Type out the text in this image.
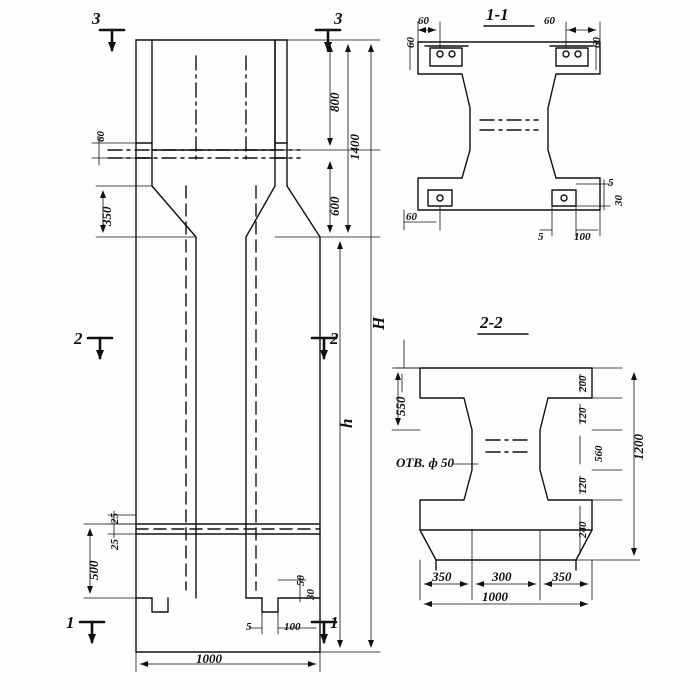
3	3
2	2
1	1
1-1
2-2
800
1400
600
350
60
H
h
500
25
25
1000
5	100
50
30
60
60
60
60
60
5	100
5
30
550
200
120
560
120
240
1200
350	300	350
1000
ОТВ. ф 50
